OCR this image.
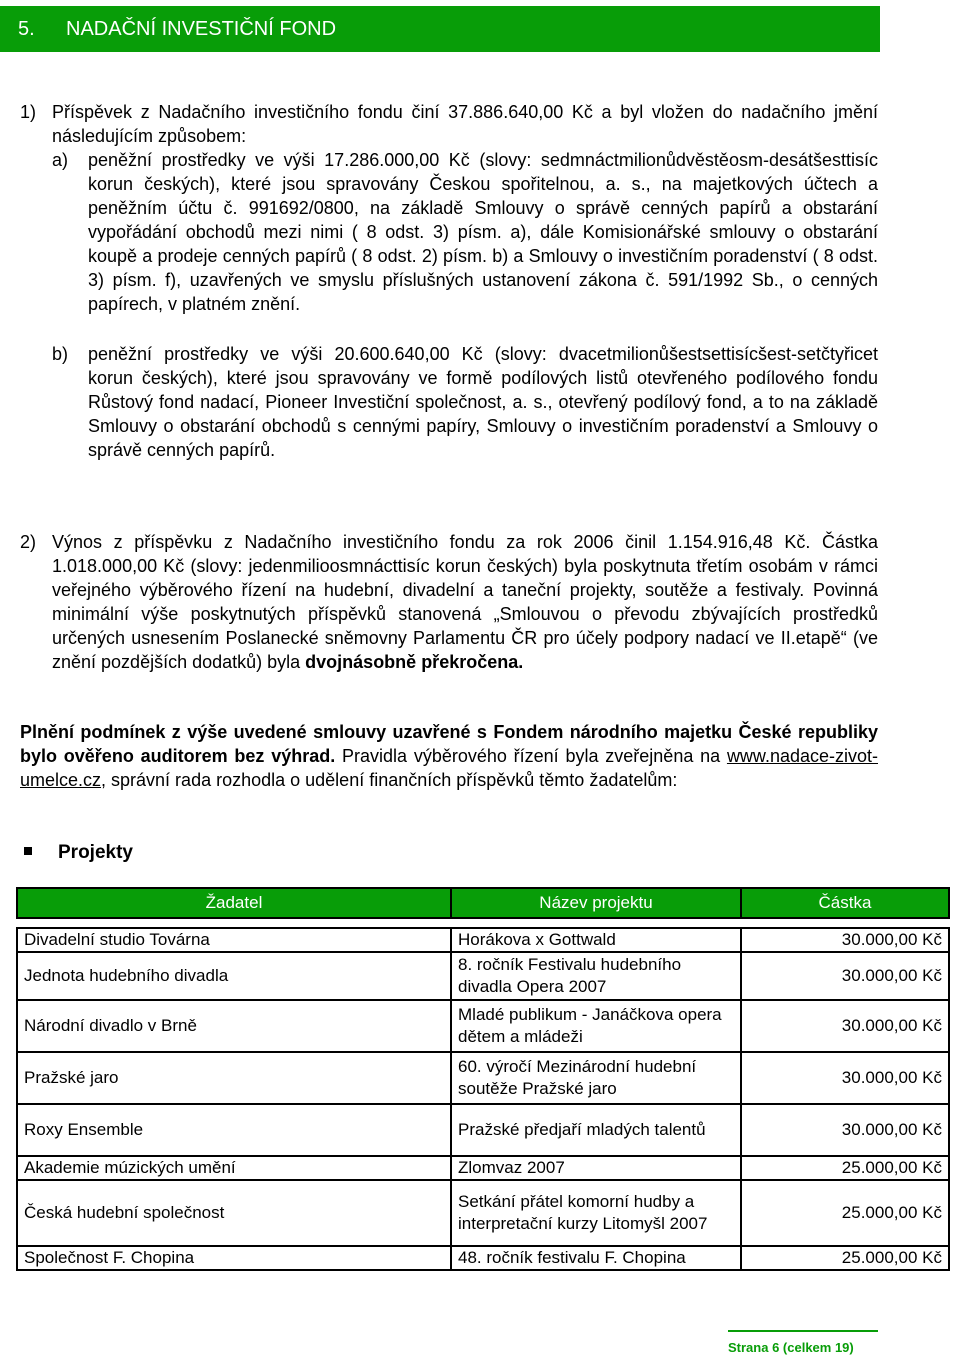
5. NADAČNÍ INVESTIČNÍ FOND
1) Příspěvek z Nadačního investičního fondu činí 37.886.640,00 Kč a byl vložen do nadačního jmění následujícím způsobem:
a)	peněžní prostředky ve výši 17.286.000,00 Kč (slovy: sedmnáctmilionůdvěstěosm-desátšesttisíc korun českých), které jsou spravovány Českou spořitelnou, a. s., na majetkových účtech a peněžním účtu č. 991692/0800, na základě Smlouvy o správě cenných papírů a obstarání vypořádání obchodů mezi nimi ( 8 odst. 3) písm. a), dále Komisionářské smlouvy o obstarání koupě a prodeje cenných papírů ( 8 odst. 2) písm. b) a Smlouvy o investičním poradenství ( 8 odst. 3) písm. f), uzavřených ve smyslu příslušných ustanovení zákona č. 591/1992 Sb., o cenných papírech, v platném znění.
b)	peněžní prostředky ve výši 20.600.640,00 Kč (slovy: dvacetmilionůšestsettisícšest-setčtyřicet korun českých), které jsou spravovány ve formě podílových listů otevřeného podílového fondu Růstový fond nadací, Pioneer Investiční společnost, a. s., otevřený podílový fond, a to na základě Smlouvy o obstarání obchodů s cennými papíry, Smlouvy o investičním poradenství a Smlouvy o správě cenných papírů.
2) Výnos z příspěvku z Nadačního investičního fondu za rok 2006 činil 1.154.916,48 Kč. Částka 1.018.000,00 Kč (slovy: jedenmilioosmnácttisíc korun českých) byla poskytnuta třetím osobám v rámci veřejného výběrového řízení na hudební, divadelní a taneční projekty, soutěže a festivaly. Povinná minimální výše poskytnutých příspěvků stanovená „Smlouvou o převodu zbývajících prostředků určených usnesením Poslanecké sněmovny Parlamentu ČR pro účely podpory nadací ve II.etapě“ (ve znění pozdějších dodatků) byla dvojnásobně překročena.
Plnění podmínek z výše uvedené smlouvy uzavřené s Fondem národního majetku České republiky bylo ověřeno auditorem bez výhrad. Pravidla výběrového řízení byla zveřejněna na www.nadace-zivot-umelce.cz, správní rada rozhodla o udělení finančních příspěvků těmto žadatelům:
Projekty
Žadatel	Název projektu	Částka

Divadelní studio Továrna	Horákova x Gottwald	30.000,00 Kč
Jednota hudebního divadla	8. ročník Festivalu hudebního divadla Opera 2007	30.000,00 Kč
Národní divadlo v Brně	Mladé publikum - Janáčkova opera dětem a mládeži	30.000,00 Kč
Pražské jaro	60. výročí Mezinárodní hudební soutěže Pražské jaro	30.000,00 Kč
Roxy Ensemble	Pražské předjaří mladých talentů	30.000,00 Kč
Akademie múzických umění	Zlomvaz 2007	25.000,00 Kč
Česká hudební společnost	Setkání přátel komorní hudby a interpretační kurzy Litomyšl 2007	25.000,00 Kč
Společnost F. Chopina	48. ročník festivalu F. Chopina	25.000,00 Kč
Strana 6 (celkem 19)
